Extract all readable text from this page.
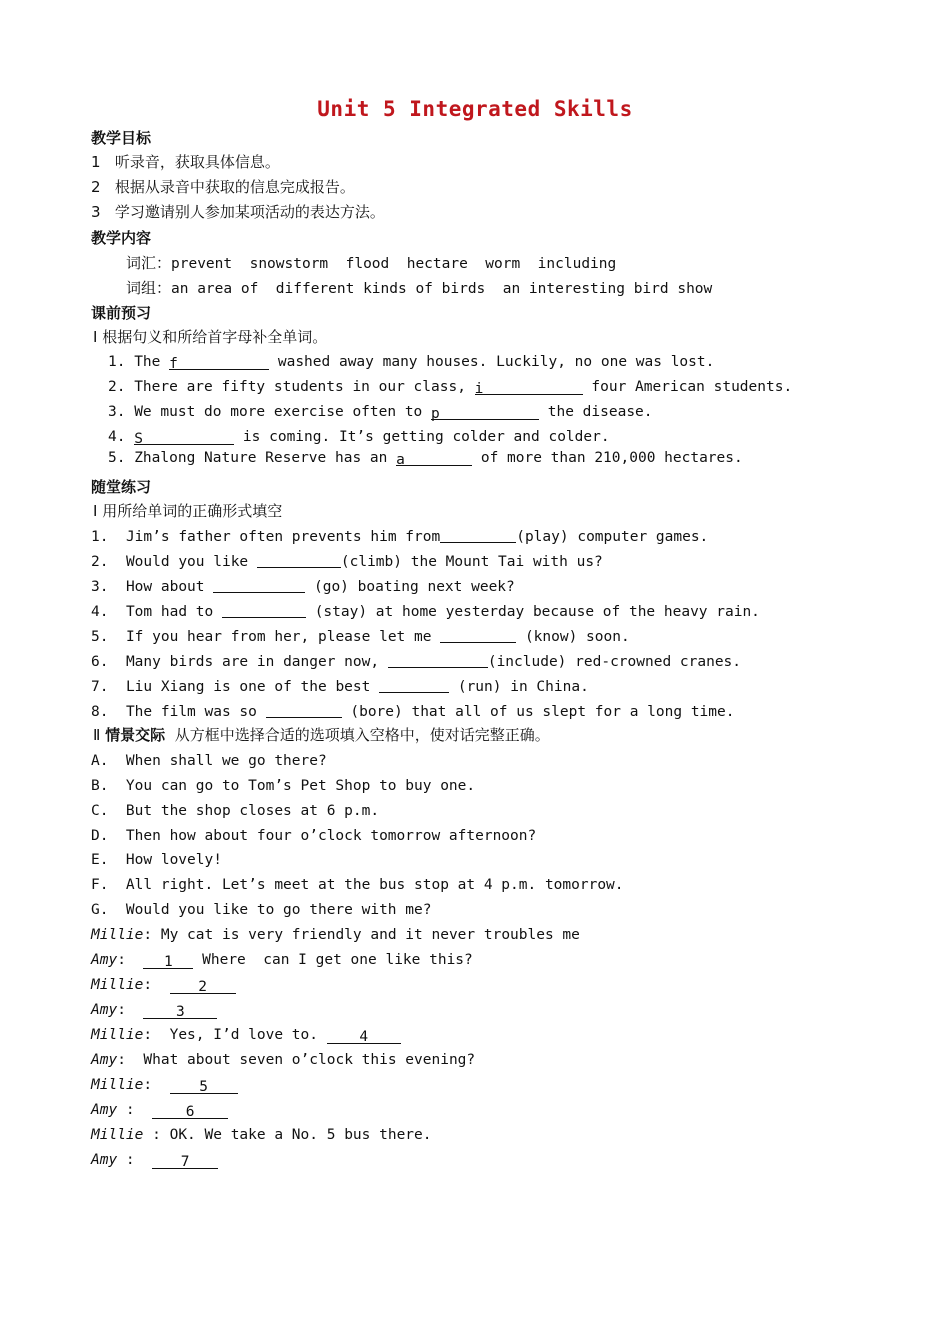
Unit 5 Integrated Skills
教学目标
1 听录音，获取具体信息。
2 根据从录音中获取的信息完成报告。
3 学习邀请别人参加某项活动的表达方法。
教学内容
词汇：prevent  snowstorm  flood  hectare  worm  including
词组：an area of  different kinds of birds  an interesting bird show
课前预习
Ⅰ 根据句义和所给首字母补全单词。
1. The f	washed away many houses. Luckily, no one was lost.
2. There are fifty students in our class, i	four American students.
3. We must do more exercise often to p	the disease.
4. S	is coming. It’s getting colder and colder.
5. Zhalong Nature Reserve has an a	of more than 210,000 hectares.
随堂练习
Ⅰ 用所给单词的正确形式填空
1. Jim’s father often prevents him from	(play) computer games.
2. Would you like	(climb) the Mount Tai with us?
3. How about	(go) boating next week?
4. Tom had to	(stay) at home yesterday because of the heavy rain.
5. If you hear from her, please let me	(know) soon.
6. Many birds are in danger now,	(include) red-crowned cranes.
7. Liu Xiang is one of the best	(run) in China.
8. The film was so	(bore) that all of us slept for a long time.
Ⅱ 情景交际 从方框中选择合适的选项填入空格中，使对话完整正确。
A.  When shall we go there?
B.  You can go to Tom’s Pet Shop to buy one.
C.  But the shop closes at 6 p.m.
D.  Then how about four o’clock tomorrow afternoon?
E.  How lovely!
F.  All right. Let’s meet at the bus stop at 4 p.m. tomorrow.
G.  Would you like to go there with me?
Millie: My cat is very friendly and it never troubles me
Amy:  1 Where  can I get one like this?
Millie:  2
Amy:  3
Millie:  Yes, I’d love to. 4
Amy:  What about seven o’clock this evening?
Millie:  5
Amy :  6
Millie : OK. We take a No. 5 bus there.
Amy :  7
